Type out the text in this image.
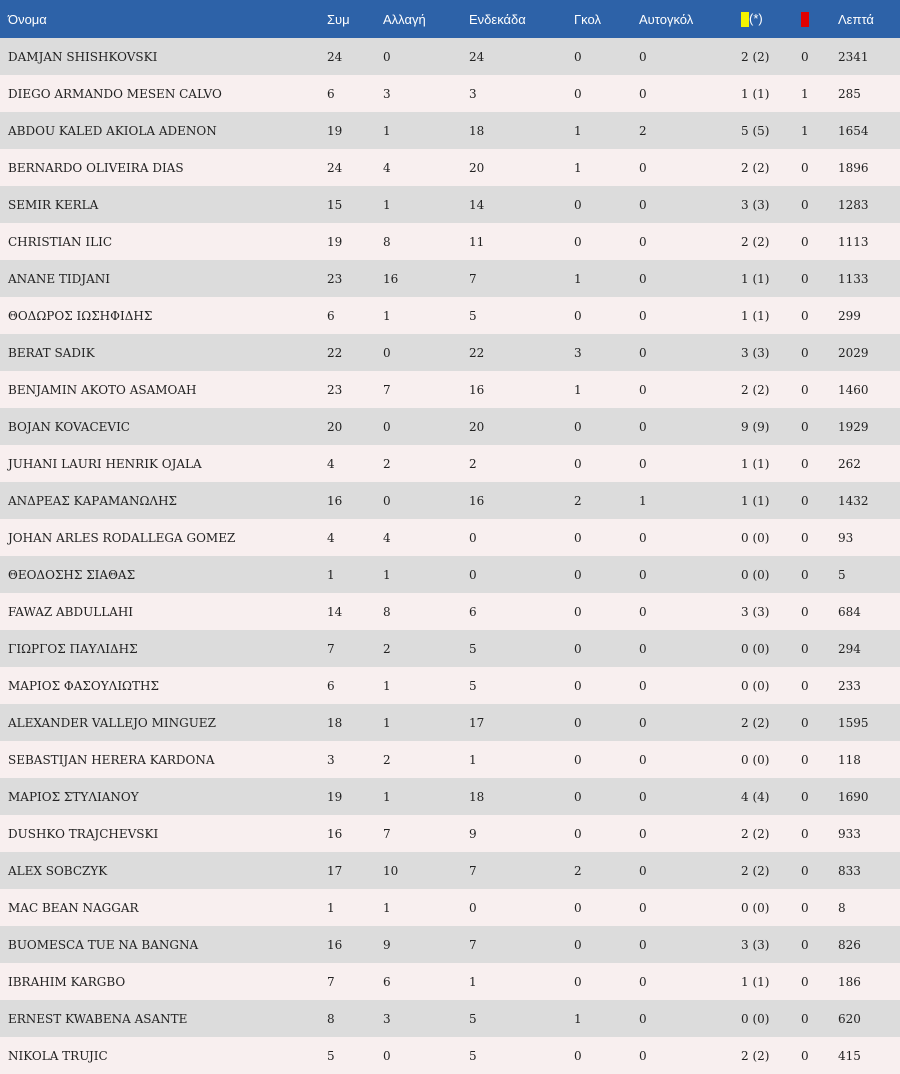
Όνομα	Συμ	Αλλαγή	Ενδεκάδα	Γκολ	Αυτογκόλ	(*)		Λεπτά
DAMJAN SHISHKOVSKI	24	0	24	0	0	2 (2)	0	2341
DIEGO ARMANDO MESEN CALVO	6	3	3	0	0	1 (1)	1	285
ABDOU KALED AKIOLA ADENON	19	1	18	1	2	5 (5)	1	1654
BERNARDO OLIVEIRA DIAS	24	4	20	1	0	2 (2)	0	1896
SEMIR KERLA	15	1	14	0	0	3 (3)	0	1283
CHRISTIAN ILIC	19	8	11	0	0	2 (2)	0	1113
ANANE TIDJANI	23	16	7	1	0	1 (1)	0	1133
ΘΟΔΩΡΟΣ ΙΩΣΗΦΙΔΗΣ	6	1	5	0	0	1 (1)	0	299
BERAT SADIK	22	0	22	3	0	3 (3)	0	2029
BENJAMIN AKOTO ASAMOAH	23	7	16	1	0	2 (2)	0	1460
BOJAN KOVACEVIC	20	0	20	0	0	9 (9)	0	1929
JUHANI LAURI HENRIK OJALA	4	2	2	0	0	1 (1)	0	262
ΑΝΔΡΕΑΣ ΚΑΡΑΜΑΝΩΛΗΣ	16	0	16	2	1	1 (1)	0	1432
JOHAN ARLES RODALLEGA GOMEZ	4	4	0	0	0	0 (0)	0	93
ΘΕΟΔΟΣΗΣ ΣΙΑΘΑΣ	1	1	0	0	0	0 (0)	0	5
FAWAZ ABDULLAHI	14	8	6	0	0	3 (3)	0	684
ΓΙΩΡΓΟΣ ΠΑΥΛΙΔΗΣ	7	2	5	0	0	0 (0)	0	294
ΜΑΡΙΟΣ ΦΑΣΟΥΛΙΩΤΗΣ	6	1	5	0	0	0 (0)	0	233
ALEXANDER VALLEJO MINGUEZ	18	1	17	0	0	2 (2)	0	1595
SEBASTIJAN HERERA KARDONA	3	2	1	0	0	0 (0)	0	118
ΜΑΡΙΟΣ ΣΤΥΛΙΑΝΟΥ	19	1	18	0	0	4 (4)	0	1690
DUSHKO TRAJCHEVSKI	16	7	9	0	0	2 (2)	0	933
ALEX SOBCZYK	17	10	7	2	0	2 (2)	0	833
MAC BEAN NAGGAR	1	1	0	0	0	0 (0)	0	8
BUOMESCA TUE NA BANGNA	16	9	7	0	0	3 (3)	0	826
IBRAHIM KARGBO	7	6	1	0	0	1 (1)	0	186
ERNEST KWABENA ASANTE	8	3	5	1	0	0 (0)	0	620
NIKOLA TRUJIC	5	0	5	0	0	2 (2)	0	415
